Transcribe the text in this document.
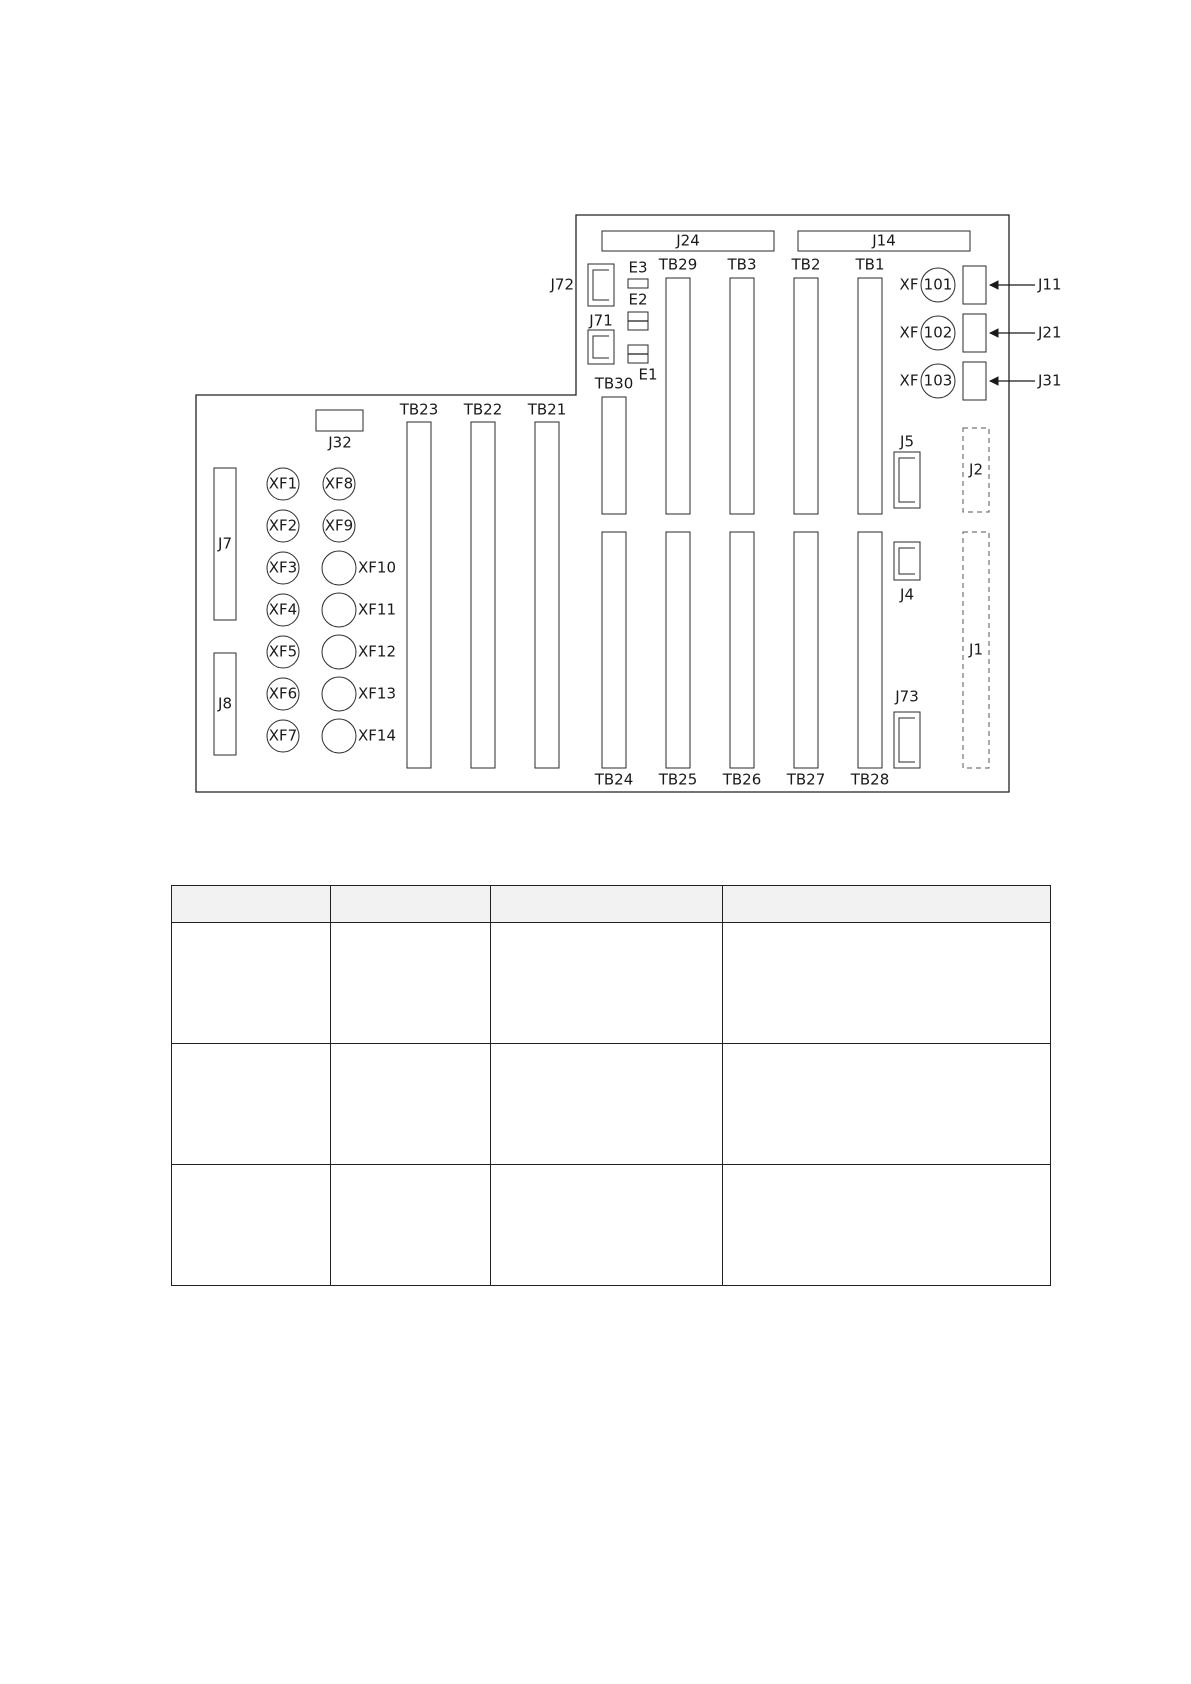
J24	J14
TB29 TB3 TB2 TB1
TB24 TB25 TB26 TB27 TB28
TB23 TB22 TB21
TB30
J72
J71
J5
J4
J73
J32
E3
E2
E1
J7
J8
J2
J1
XF1
XF2
XF3
XF4
XF5
XF6
XF7
XF8
XF9
XF10
XF11
XF12
XF13
XF14
XF 101	J11
XF 102	J21
XF 103	J31
